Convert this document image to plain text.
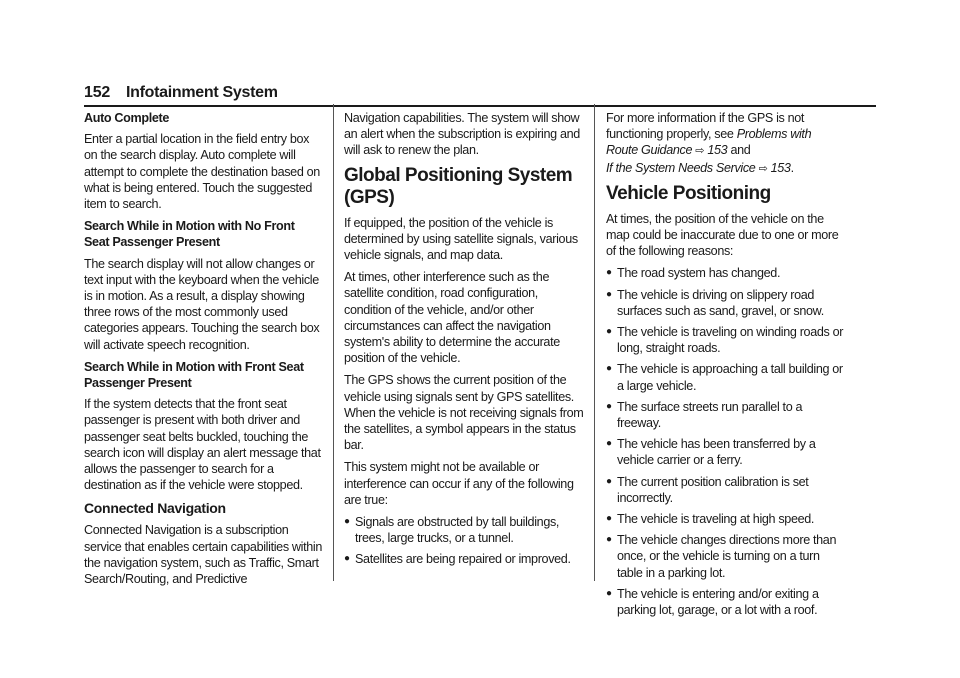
152 Infotainment System

Auto Complete

Enter a partial location in the field entry box on the search display. Auto complete will attempt to complete the destination based on what is being entered. Touch the suggested item to search.

Search While in Motion with No Front Seat Passenger Present

The search display will not allow changes or text input with the keyboard when the vehicle is in motion. As a result, a display showing three rows of the most commonly used categories appears. Touching the search box will activate speech recognition.

Search While in Motion with Front Seat Passenger Present

If the system detects that the front seat passenger is present with both driver and passenger seat belts buckled, touching the search icon will display an alert message that allows the passenger to search for a destination as if the vehicle were stopped.

Connected Navigation

Connected Navigation is a subscription service that enables certain capabilities within the navigation system, such as Traffic, Smart Search/Routing, and Predictive

Navigation capabilities. The system will show an alert when the subscription is expiring and will ask to renew the plan.

Global Positioning System (GPS)

If equipped, the position of the vehicle is determined by using satellite signals, various vehicle signals, and map data.

At times, other interference such as the satellite condition, road configuration, condition of the vehicle, and/or other circumstances can affect the navigation system's ability to determine the accurate position of the vehicle.

The GPS shows the current position of the vehicle using signals sent by GPS satellites. When the vehicle is not receiving signals from the satellites, a symbol appears in the status bar.

This system might not be available or interference can occur if any of the following are true:

● Signals are obstructed by tall buildings, trees, large trucks, or a tunnel.
● Satellites are being repaired or improved.

For more information if the GPS is not functioning properly, see Problems with Route Guidance ⇨ 153 and
If the System Needs Service ⇨ 153.

Vehicle Positioning

At times, the position of the vehicle on the map could be inaccurate due to one or more of the following reasons:

● The road system has changed.
● The vehicle is driving on slippery road surfaces such as sand, gravel, or snow.
● The vehicle is traveling on winding roads or long, straight roads.
● The vehicle is approaching a tall building or a large vehicle.
● The surface streets run parallel to a freeway.
● The vehicle has been transferred by a vehicle carrier or a ferry.
● The current position calibration is set incorrectly.
● The vehicle is traveling at high speed.
● The vehicle changes directions more than once, or the vehicle is turning on a turn table in a parking lot.
● The vehicle is entering and/or exiting a parking lot, garage, or a lot with a roof.
